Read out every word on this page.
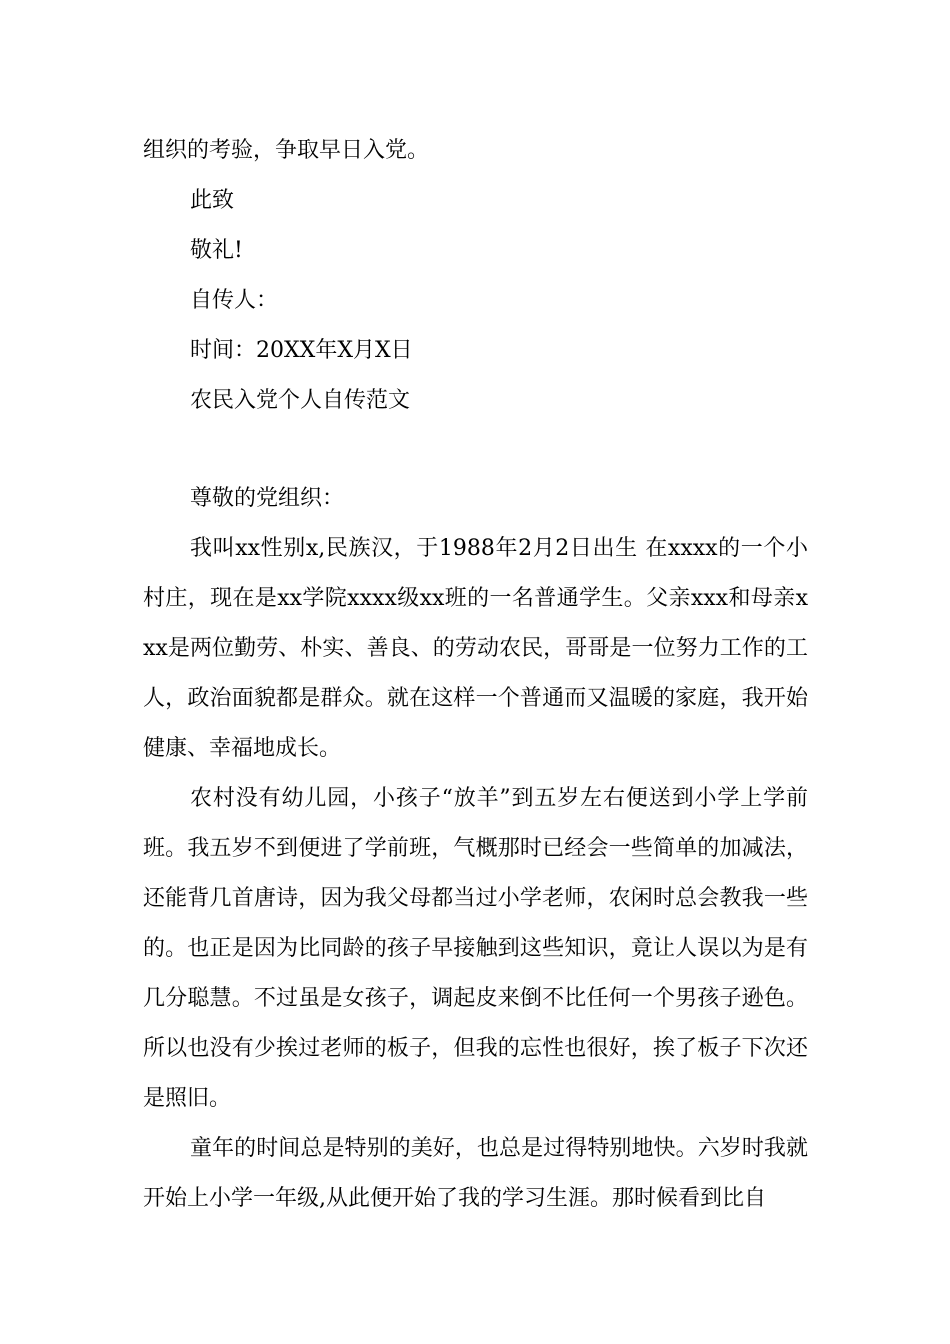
组织的考验，争取早日入党。
此致
敬礼!
自传人：
时间：20XX年X月X日
农民入党个人自传范文
尊敬的党组织：

我叫xx性别x,民族汉，于1988年2月2日出生 在xxxx的一个小村庄，现在是xx学院xxxx级xx班的一名普通学生。父亲xxx和母亲xxx是两位勤劳、朴实、善良、的劳动农民，哥哥是一位努力工作的工人，政治面貌都是群众。就在这样一个普通而又温暖的家庭，我开始健康、幸福地成长。

农村没有幼儿园，小孩子“放羊”到五岁左右便送到小学上学前班。我五岁不到便进了学前班，气概那时已经会一些简单的加减法，还能背几首唐诗，因为我父母都当过小学老师，农闲时总会教我一些的。也正是因为比同龄的孩子早接触到这些知识，竟让人误以为是有几分聪慧。不过虽是女孩子，调起皮来倒不比任何一个男孩子逊色。所以也没有少挨过老师的板子，但我的忘性也很好，挨了板子下次还是照旧。

童年的时间总是特别的美好，也总是过得特别地快。六岁时我就开始上小学一年级,从此便开始了我的学习生涯。那时候看到比自
